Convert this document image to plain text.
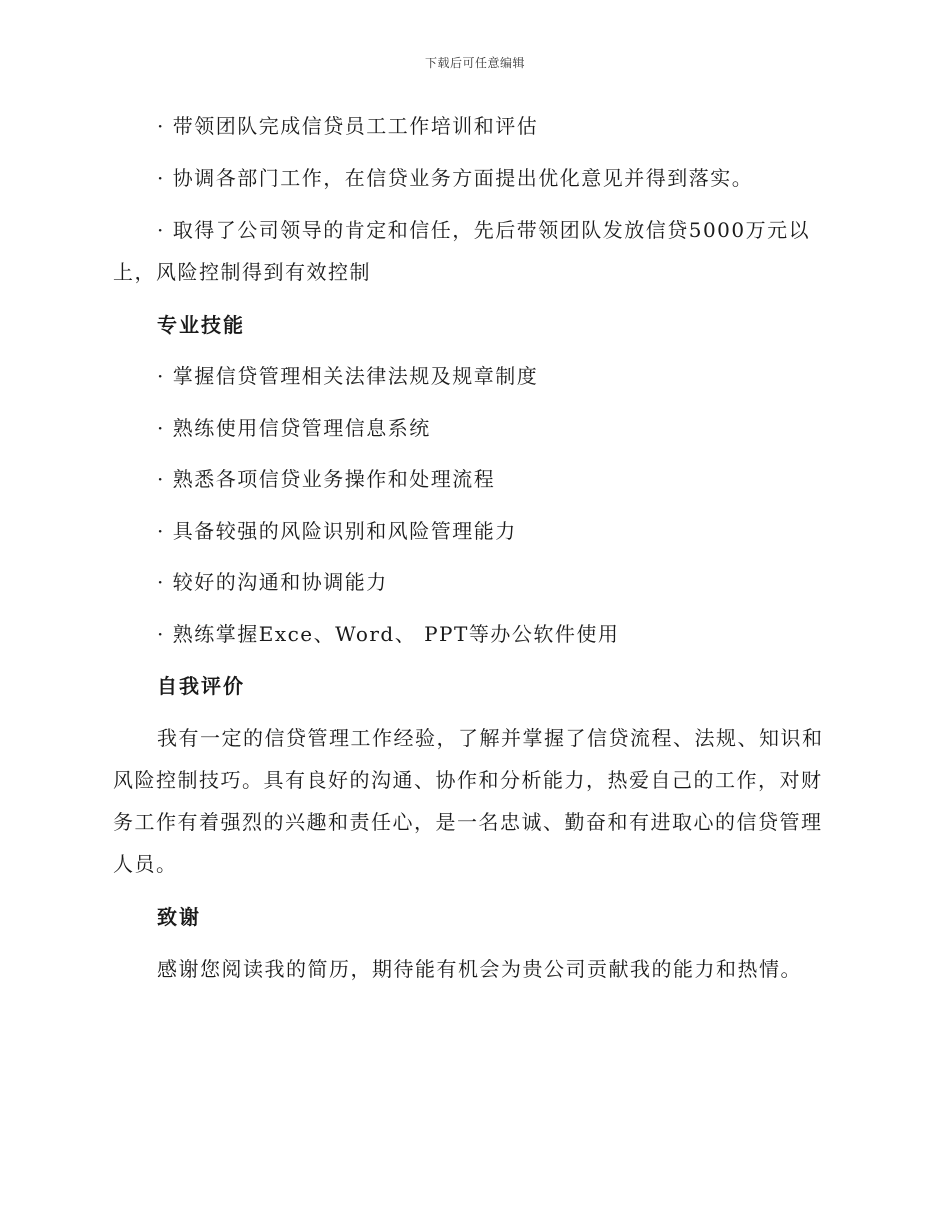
下载后可任意编辑
· 带领团队完成信贷员工工作培训和评估
· 协调各部门工作，在信贷业务方面提出优化意见并得到落实。
· 取得了公司领导的肯定和信任，先后带领团队发放信贷5000万元以
上，风险控制得到有效控制
专业技能
· 掌握信贷管理相关法律法规及规章制度
· 熟练使用信贷管理信息系统
· 熟悉各项信贷业务操作和处理流程
· 具备较强的风险识别和风险管理能力
· 较好的沟通和协调能力
· 熟练掌握Exce、Word、 PPT等办公软件使用
自我评价
我有一定的信贷管理工作经验，了解并掌握了信贷流程、法规、知识和
风险控制技巧。具有良好的沟通、协作和分析能力，热爱自己的工作，对财
务工作有着强烈的兴趣和责任心，是一名忠诚、勤奋和有进取心的信贷管理
人员。
致谢
感谢您阅读我的简历，期待能有机会为贵公司贡献我的能力和热情。
